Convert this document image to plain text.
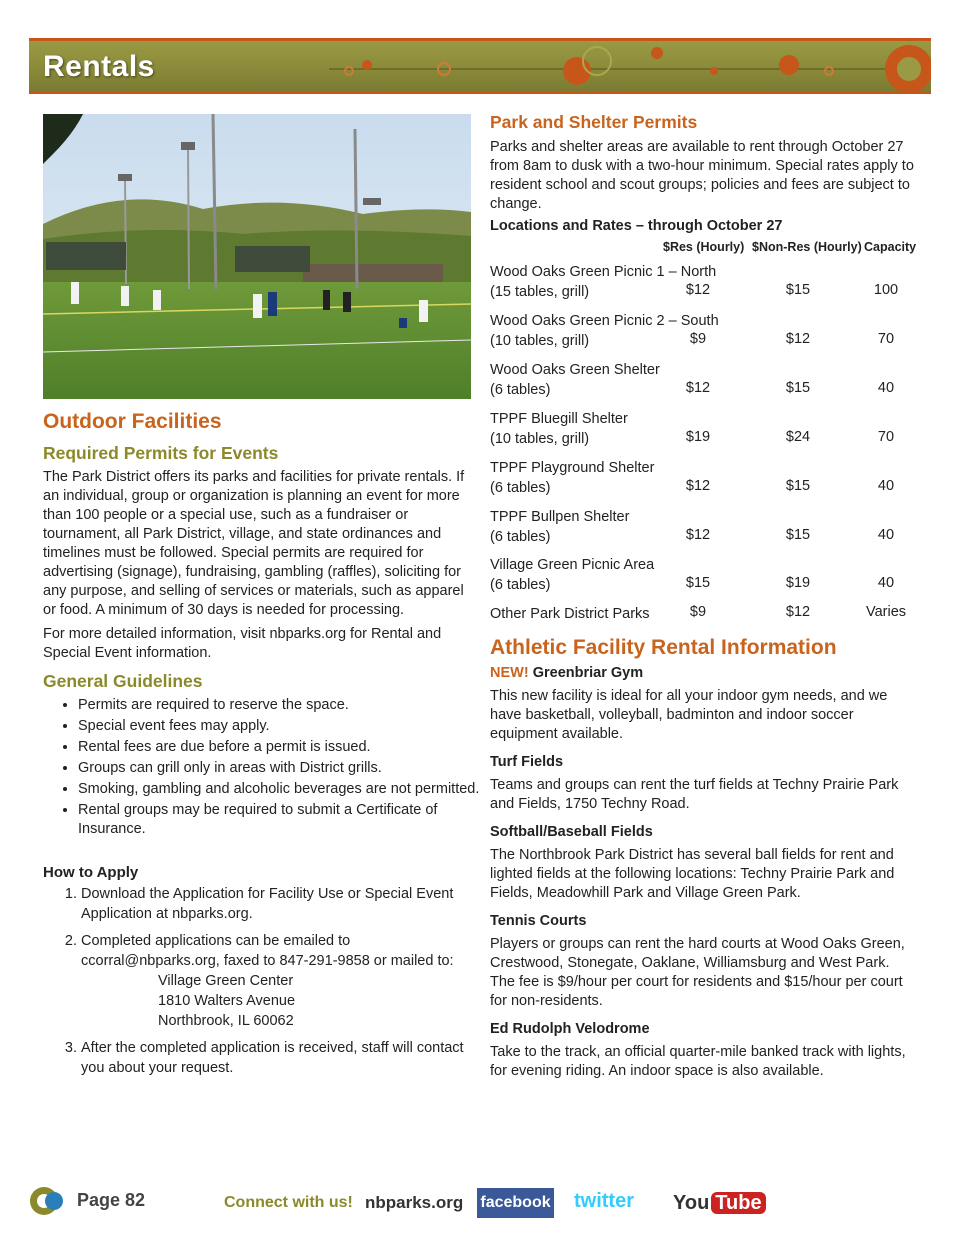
Rentals
Outdoor Facilities
Required Permits for Events

The Park District offers its parks and facilities for private rentals. If an individual, group or organization is planning an event for more than 100 people or a special use, such as a fundraiser or tournament, all Park District, village, and state ordinances and timelines must be followed. Special permits are required for advertising (signage), fundraising, gambling (raffles), soliciting for any purpose, and selling of services or materials, such as apparel or food. A minimum of 30 days is needed for processing.

For more detailed information, visit nbparks.org for Rental and Special Event information.

General Guidelines
• Permits are required to reserve the space.
• Special event fees may apply.
• Rental fees are due before a permit is issued.
• Groups can grill only in areas with District grills.
• Smoking, gambling and alcoholic beverages are not permitted.
• Rental groups may be required to submit a Certificate of Insurance.
How to Apply
1. Download the Application for Facility Use or Special Event Application at nbparks.org.
2. Completed applications can be emailed to ccorral@nbparks.org, faxed to 847-291-9858 or mailed to:
Village Green Center
1810 Walters Avenue
Northbrook, IL 60062
3. After the completed application is received, staff will contact you about your request.
Park and Shelter Permits

Parks and shelter areas are available to rent through October 27 from 8am to dusk with a two-hour minimum. Special rates apply to resident school and scout groups; policies and fees are subject to change.

Locations and Rates – through October 27
$Res (Hourly) $Non-Res (Hourly) Capacity
Wood Oaks Green Picnic 1 – North
(15 tables, grill)	$12	$15	100
Wood Oaks Green Picnic 2 – South
(10 tables, grill)	$9	$12	70
Wood Oaks Green Shelter
(6 tables)	$12	$15	40
TPPF Bluegill Shelter
(10 tables, grill)	$19	$24	70
TPPF Playground Shelter
(6 tables)	$12	$15	40
TPPF Bullpen Shelter
(6 tables)	$12	$15	40
Village Green Picnic Area
(6 tables)	$15	$19	40
Other Park District Parks	$9	$12	Varies
Athletic Facility Rental Information
NEW! Greenbriar Gym

This new facility is ideal for all your indoor gym needs, and we have basketball, volleyball, badminton and indoor soccer equipment available.

Turf Fields

Teams and groups can rent the turf fields at Techny Prairie Park and Fields, 1750 Techny Road.

Softball/Baseball Fields

The Northbrook Park District has several ball fields for rent and lighted fields at the following locations: Techny Prairie Park and Fields, Meadowhill Park and Village Green Park.

Tennis Courts

Players or groups can rent the hard courts at Wood Oaks Green, Crestwood, Stonegate, Oaklane, Williamsburg and West Park. The fee is $9/hour per court for residents and $15/hour per court for non-residents.

Ed Rudolph Velodrome

Take to the track, an official quarter-mile banked track with lights, for evening riding. An indoor space is also available.

Page 82	Connect with us! nbparks.org facebook twitter You Tube
